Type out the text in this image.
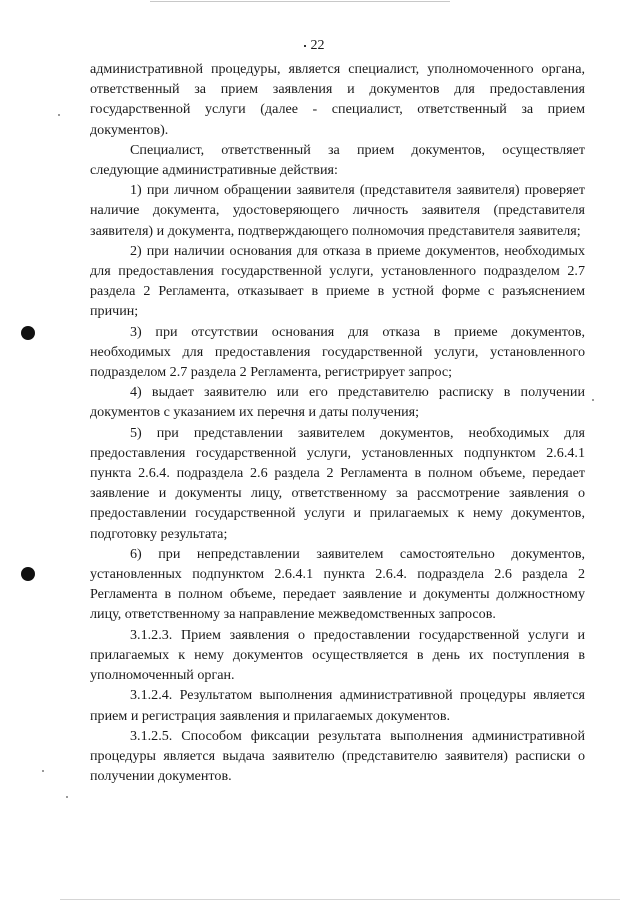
22

административной процедуры, является специалист, уполномоченного органа, ответственный за прием заявления и документов для предоставления государственной услуги (далее - специалист, ответственный за прием документов).

Специалист, ответственный за прием документов, осуществляет следующие административные действия:

1) при личном обращении заявителя (представителя заявителя) проверяет наличие документа, удостоверяющего личность заявителя (представителя заявителя) и документа, подтверждающего полномочия представителя заявителя;

2) при наличии основания для отказа в приеме документов, необходимых для предоставления государственной услуги, установленного подразделом 2.7 раздела 2 Регламента, отказывает в приеме в устной форме с разъяснением причин;

3) при отсутствии основания для отказа в приеме документов, необходимых для предоставления государственной услуги, установленного подразделом 2.7 раздела 2 Регламента, регистрирует запрос;

4) выдает заявителю или его представителю расписку в получении документов с указанием их перечня и даты получения;

5) при представлении заявителем документов, необходимых для предоставления государственной услуги, установленных подпунктом 2.6.4.1 пункта 2.6.4. подраздела 2.6 раздела 2 Регламента в полном объеме, передает заявление и документы лицу, ответственному за рассмотрение заявления о предоставлении государственной услуги и прилагаемых к нему документов, подготовку результата;

6) при непредставлении заявителем самостоятельно документов, установленных подпунктом 2.6.4.1 пункта 2.6.4. подраздела 2.6 раздела 2 Регламента в полном объеме, передает заявление и документы должностному лицу, ответственному за направление межведомственных запросов.

3.1.2.3. Прием заявления о предоставлении государственной услуги и прилагаемых к нему документов осуществляется в день их поступления в уполномоченный орган.

3.1.2.4. Результатом выполнения административной процедуры является прием и регистрация заявления и прилагаемых документов.

3.1.2.5. Способом фиксации результата выполнения административной процедуры является выдача заявителю (представителю заявителя) расписки о получении документов.
